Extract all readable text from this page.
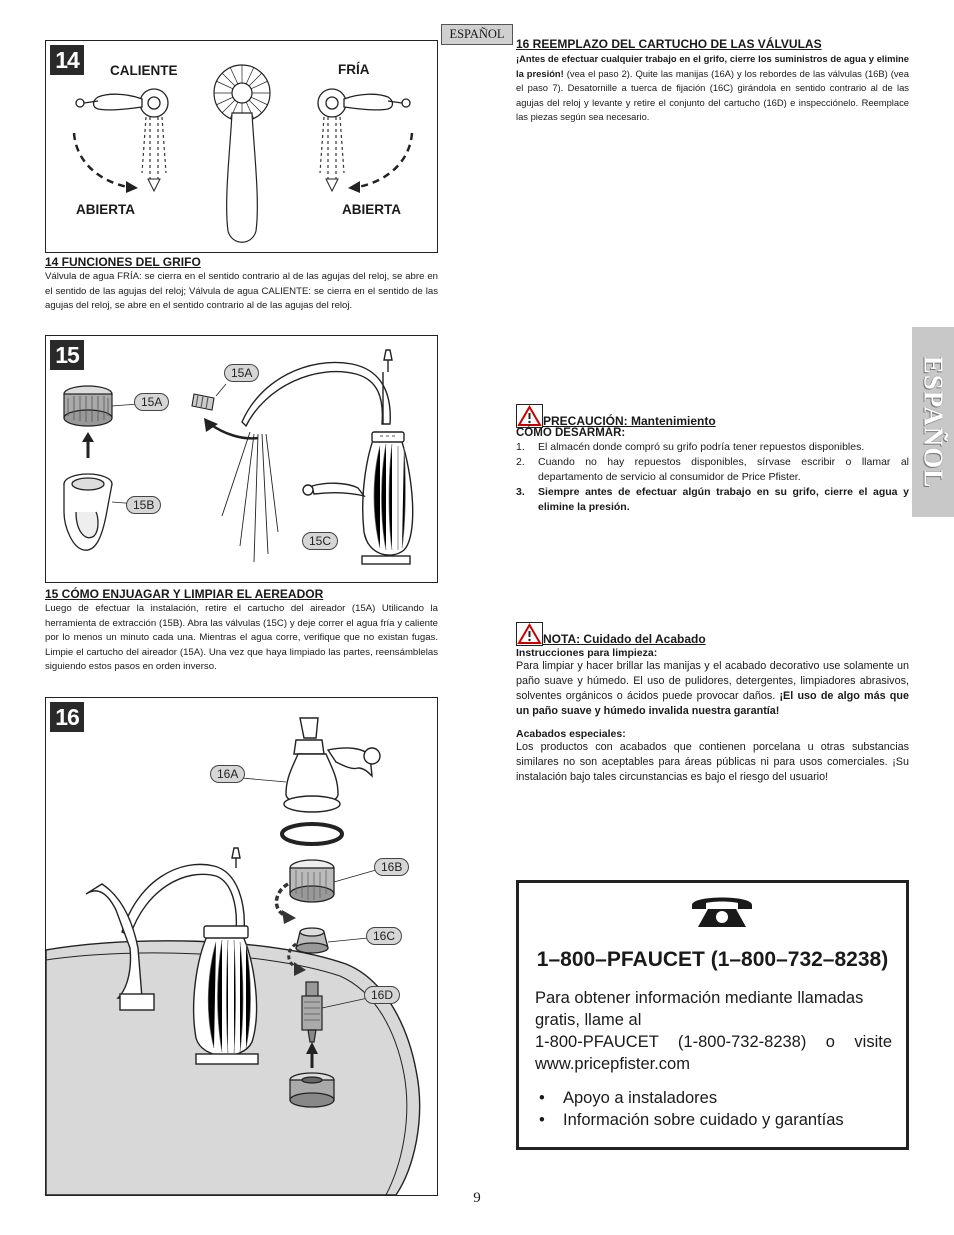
ESPAÑOL
ESPAÑOL
14	CALIENTE	FRÍA
ABIERTA	ABIERTA
14 FUNCIONES DEL GRIFO
Válvula de agua FRÍA: se cierra en el sentido contrario al de las agujas del reloj, se abre en el sentido de las agujas del reloj; Válvula de agua CALIENTE: se cierra en el sentido de las agujas del reloj, se abre en el sentido contrario al de las agujas del reloj.
15
15A
15A
15B
15C
15 CÓMO ENJUAGAR Y LIMPIAR EL AEREADOR
Luego de efectuar la instalación, retire el cartucho del aireador (15A) Utilicando la herramienta de extracción (15B). Abra las válvulas (15C) y deje correr el agua fría y caliente por lo menos un minuto cada una. Mientras el agua corre, verifique que no existan fugas. Limpie el cartucho del aireador (15A). Una vez que haya limpiado las partes, reensámblelas siguiendo estos pasos en orden inverso.
16
16A
16B
16C
16D
16 REEMPLAZO DEL CARTUCHO DE LAS VÁLVULAS
¡Antes de efectuar cualquier trabajo en el grifo, cierre los suministros de agua y elimine la presión! (vea el paso 2). Quite las manijas (16A) y los rebordes de las válvulas (16B) (vea el paso 7). Desatornille a tuerca de fijación (16C) girándola en sentido contrario al de las agujas del reloj y levante y retire el conjunto del cartucho (16D) e inspecciónelo. Reemplace las piezas según sea necesario.
PRECAUCIÓN: Mantenimiento
CÓMO DESARMAR:
1. El almacén donde compró su grifo podría tener repuestos disponibles.
2. Cuando no hay repuestos disponibles, sírvase escribir o llamar al departamento de servicio al consumidor de Price Pfister.
3. Siempre antes de efectuar algún trabajo en su grifo, cierre el agua y elimine la presión.
NOTA: Cuidado del Acabado
Instrucciones para limpieza:
Para limpiar y hacer brillar las manijas y el acabado decorativo use solamente un paño suave y húmedo. El uso de pulidores, detergentes, limpiadores abrasivos, solventes orgánicos o ácidos puede provocar daños. ¡El uso de algo más que un paño suave y húmedo invalida nuestra garantía!
Acabados especiales:
Los productos con acabados que contienen porcelana u otras substancias similares no son aceptables para áreas públicas ni para usos comerciales. ¡Su instalación bajo tales circunstancias es bajo el riesgo del usuario!
1–800–PFAUCET (1–800–732–8238)
Para obtener información mediante llamadas gratis, llame al
1-800-PFAUCET (1-800-732-8238) o visite
www.pricepfister.com
• Apoyo a instaladores
• Información sobre cuidado y garantías
9
